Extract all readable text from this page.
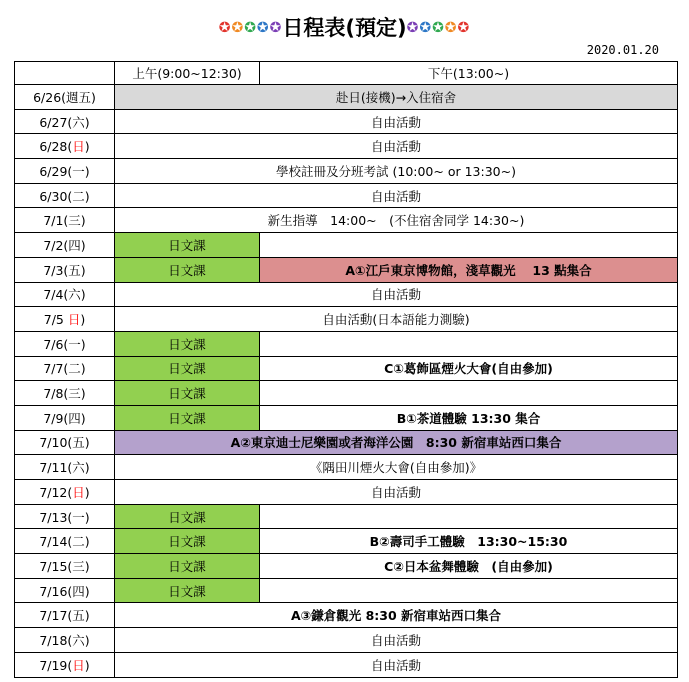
✪✪✪✪✪日程表(預定)✪✪✪✪✪
2020.01.20
	上午(9:00~12:30)	下午(13:00~)
6/26(週五)	赴日(接機)→入住宿舍	
6/27(六)	自由活動	
6/28(日)	自由活動	
6/29(一)	學校註冊及分班考試 (10:00~ or 13:30~)	
6/30(二)	自由活動	
7/1(三)	新生指導　14:00~　(不住宿舍同学 14:30~)	
7/2(四)	日文課	
7/3(五)	日文課	A①江戶東京博物館，淺草觀光　 13 點集合
7/4(六)	自由活動	
7/5 日)	自由活動(日本語能力測驗)	
7/6(一)	日文課	
7/7(二)	日文課	C①葛飾區煙火大會(自由參加)
7/8(三)	日文課	
7/9(四)	日文課	B①茶道體驗 13:30 集合
7/10(五)	A②東京迪士尼樂園或者海洋公園　8:30 新宿車站西口集合	
7/11(六)	《隅田川煙火大會(自由參加)》	
7/12(日)	自由活動	
7/13(一)	日文課	
7/14(二)	日文課	B②壽司手工體驗　13:30~15:30
7/15(三)	日文課	C②日本盆舞體驗　(自由參加)
7/16(四)	日文課	
7/17(五)	A③鎌倉觀光 8:30 新宿車站西口集合	
7/18(六)	自由活動	
7/19(日)	自由活動	
